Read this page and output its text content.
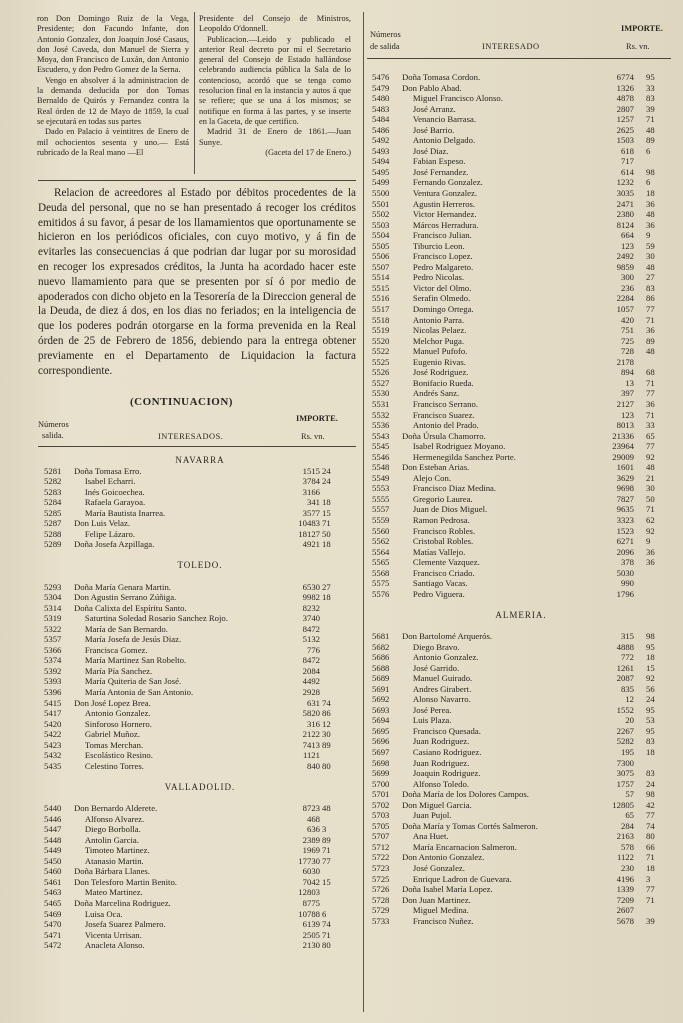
ron Don Domingo Ruiz de la Vega, Presidente; don Facundo Infante, don Antonio Gonzalez, don Joaquin José Casaus, don José Caveda, don Manuel de Sierra y Moya, don Francisco de Luxán, don Antonio Escudero, y don Pedro Gomez de la Serna.

Vengo en absolver á la administracion de la demanda deducida por don Tomas Bernaldo de Quirós y Fernandez contra la Real órden de 12 de Mayo de 1859, la cual se ejecutará en todas sus partes

Dado en Palacio á veintitres de Enero de mil ochocientos sesenta y uno.— Está rubricado de la Real mano —El

Presidente del Consejo de Ministros, Leopoldo O'donnell.

Publicacion.—Leido y publicado el anterior Real decreto por mí el Secretario general del Consejo de Estado hallándose celebrando audiencia pública la Sala de lo contencioso, acordó que se tenga como resolucion final en la instancia y autos á que se refiere; que se una á los mismos; se notifique en forma á las partes, y se inserte en la Gaceta, de que certifico.

Madrid 31 de Enero de 1861.—Juan Sunye.

(Gaceta del 17 de Enero.)

Relacion de acreedores al Estado por débitos procedentes de la Deuda del personal, que no se han presentado á recoger los créditos emitidos á su favor, á pesar de los llamamientos que oportunamente se hicieron en los periódicos oficiales, con cuyo motivo, y á fin de evitarles las consecuencias á que podrian dar lugar por su morosidad en recoger los expresados créditos, la Junta ha acordado hacer este nuevo llamamiento para que se presenten por sí ó por medio de apoderados con dicho objeto en la Tesorería de la Direccion general de la Deuda, de diez á dos, en los dias no feriados; en la inteligencia de que los poderes podrán otorgarse en la forma prevenida en la Real órden de 25 de Febrero de 1856, debiendo para la entrega obtener previamente en el Departamento de Liquidacion la factura correspondiente.

(CONTINUACION)
Números
salida.	INTERESADOS.
IMPORTE.
Rs. vn.
NAVARRA
5281 Doña Tomasa Erro.	1515 24
5282 Isabel Echarri.	3784 24
5283 Inés Goicoechea.	3166
5284 Rafaela Garayoa.	341 18
5285 María Bautista Inarrea.	3577 15
5287 Don Luis Velaz.	10483 71
5288 Felipe Lázaro.	18127 50
5289 Doña Josefa Azpillaga.	4921 18
TOLEDO.
5293 Doña María Genara Martin.	6530 27
5304 Don Agustin Serrano Zúñiga.	9982 18
5314 Doña Calixta del Espíritu Santo.	8232
5319 Saturtina Soledad Rosario Sanchez Rojo.	3740
5322 María de San Bernardo.	8472
5357 María Josefa de Jesús Diaz.	5132
5366 Francisca Gomez.	776
5374 María Martinez San Robelto.	8472
5392 María Pía Sanchez.	2084
5393 María Quiteria de San José.	4492
5396 María Antonia de San Antonio.	2928
5415 Don José Lopez Brea.	631 74
5417 Antonio Gonzalez.	5820 86
5420 Sinforoso Hornero.	316 12
5422 Gabriel Muñoz.	2122 30
5423 Tomas Merchan.	7413 89
5432 Escolástico Resino.	1121
5435 Celestino Torres.	840 80
VALLADOLID.
5440 Don Bernardo Alderete.	8723 48
5446 Alfonso Alvarez.	468
5447 Diego Borbolla.	636 3
5448 Antolin Garcia.	2389 89
5449 Timoteo Martinez.	1969 71
5450 Atanasio Martin.	17730 77
5460 Doña Bárbara Llanes.	6030
5461 Don Telesforo Martin Benito.	7042 15
5463 Mateo Martinez.	12803
5465 Doña Marcelina Rodriguez.	8775
5469 Luisa Oca.	10788 6
5470 Josefa Suarez Palmero.	6139 74
5471 Vicenta Urrisan.	2505 71
5472 Anacleta Alonso.	2130 80
Números
de salida	INTERESADO
IMPORTE.
Rs. vn.
5476 Doña Tomasa Cordon.	6774 95
5479 Don Pablo Abad.	1326 33
5480 Miguel Francisco Alonso.	4878 83
5483 José Arranz.	2807 39
5484 Venancio Barrasa.	1257 71
5486 José Barrio.	2625 48
5492 Antonio Delgado.	1503 89
5493 José Diaz.	618 6
5494 Fabian Espeso.	717
5495 José Fernandez.	614 98
5499 Fernando Gonzalez.	1232 6
5500 Ventura Gonzalez.	3035 18
5501 Agustin Herreros.	2471 36
5502 Victor Hernandez.	2380 48
5503 Márcos Herradura.	8124 36
5504 Francisco Julian.	664 9
5505 Tiburcio Leon.	123 59
5506 Francisco Lopez.	2492 30
5507 Pedro Malgareto.	9859 48
5514 Pedro Nicolas.	300 27
5515 Victor del Olmo.	236 83
5516 Serafin Olmedo.	2284 86
5517 Domingo Ortega.	1057 77
5518 Antonio Parra.	420 71
5519 Nicolas Pelaez.	751 36
5520 Melchor Puga.	725 89
5522 Manuel Pufofo.	728 48
5525 Eugenio Rivas.	2178
5526 José Rodriguez.	894 68
5527 Bonifacio Rueda.	13 71
5530 Andrés Sanz.	397 77
5531 Francisco Serrano.	2127 36
5532 Francisco Suarez.	123 71
5536 Antonio del Prado.	8013 33
5543 Doña Úrsula Chamorro.	21336 65
5545 Isabel Rodriguez Moyano.	23964 77
5546 Hermenegilda Sanchez Porte.	29009 92
5548 Don Esteban Arias.	1601 48
5549 Alejo Con.	3629 21
5553 Francisco Diaz Medina.	9698 30
5555 Gregorio Laurea.	7827 50
5557 Juan de Dios Miguel.	9635 71
5559 Ramon Pedrosa.	3323 62
5560 Francisco Robles.	1523 92
5562 Cristobal Robles.	6271 9
5564 Matías Vallejo.	2096 36
5565 Clemente Vazquez.	378 36
5568 Francisco Criado.	5030
5575 Santiago Vacas.	990
5576 Pedro Viguera.	1796
ALMERIA.
5681 Don Bartolomé Arquerós.	315 98
5682 Diego Bravo.	4888 95
5686 Antonio Gonzalez.	772 18
5688 José Garrido.	1261 15
5689 Manuel Guirado.	2087 92
5691 Andres Girabert.	835 56
5692 Alonso Navarro.	12 24
5693 José Perea.	1552 95
5694 Luis Plaza.	20 53
5695 Francisco Quesada.	2267 95
5696 Juan Rodriguez.	5282 83
5697 Casiano Rodriguez.	195 18
5698 Juan Rodriguez.	7300
5699 Joaquin Rodriguez.	3075 83
5700 Alfonso Toledo.	1757 24
5701 Doña María de los Dolores Campos.	57 98
5702 Don Miguel Garcia.	12805 42
5703 Juan Pujol.	65 77
5705 Doña María y Tomas Cortés Salmeron.	284 74
5707 Ana Huet.	2163 80
5712 María Encarnacion Salmeron.	578 66
5722 Don Antonio Gonzalez.	1122 71
5723 José Gonzalez.	230 18
5725 Enrique Ladron de Guevara.	4196 3
5726 Doña Isabel María Lopez.	1339 77
5728 Don Juan Martinez.	7209 71
5729 Miguel Medina.	2607
5733 Francisco Nuñez.	5678 39
